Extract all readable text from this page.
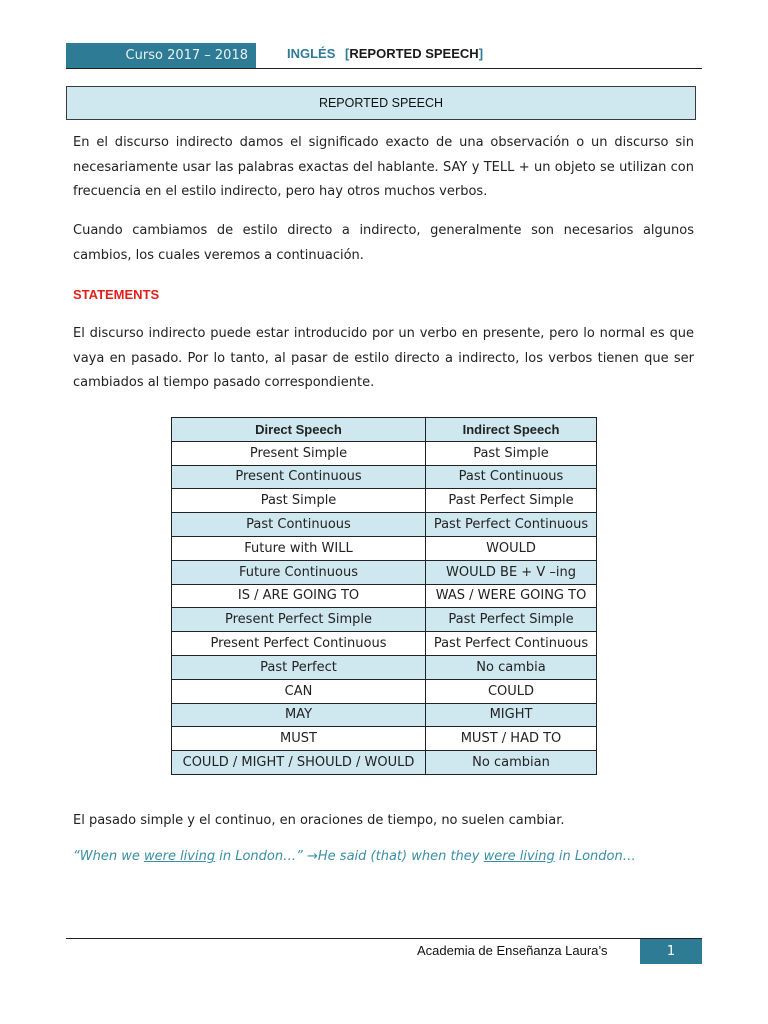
Curso 2017 – 2018	INGLÉS [REPORTED SPEECH]
REPORTED SPEECH
En el discurso indirecto damos el significado exacto de una observación o un discurso sin necesariamente usar las palabras exactas del hablante. SAY y TELL + un objeto se utilizan con frecuencia en el estilo indirecto, pero hay otros muchos verbos.
Cuando cambiamos de estilo directo a indirecto, generalmente son necesarios algunos cambios, los cuales veremos a continuación.
STATEMENTS
El discurso indirecto puede estar introducido por un verbo en presente, pero lo normal es que vaya en pasado. Por lo tanto, al pasar de estilo directo a indirecto, los verbos tienen que ser cambiados al tiempo pasado correspondiente.
Direct Speech	Indirect Speech
Present Simple	Past Simple
Present Continuous	Past Continuous
Past Simple	Past Perfect Simple
Past Continuous	Past Perfect Continuous
Future with WILL	WOULD
Future Continuous	WOULD BE + V –ing
IS / ARE GOING TO	WAS / WERE GOING TO
Present Perfect Simple	Past Perfect Simple
Present Perfect Continuous	Past Perfect Continuous
Past Perfect	No cambia
CAN	COULD
MAY	MIGHT
MUST	MUST / HAD TO
COULD / MIGHT / SHOULD / WOULD	No cambian
El pasado simple y el continuo, en oraciones de tiempo, no suelen cambiar.
“When we were living in London…” →He said (that) when they were living in London…
Academia de Enseñanza Laura’s	1
